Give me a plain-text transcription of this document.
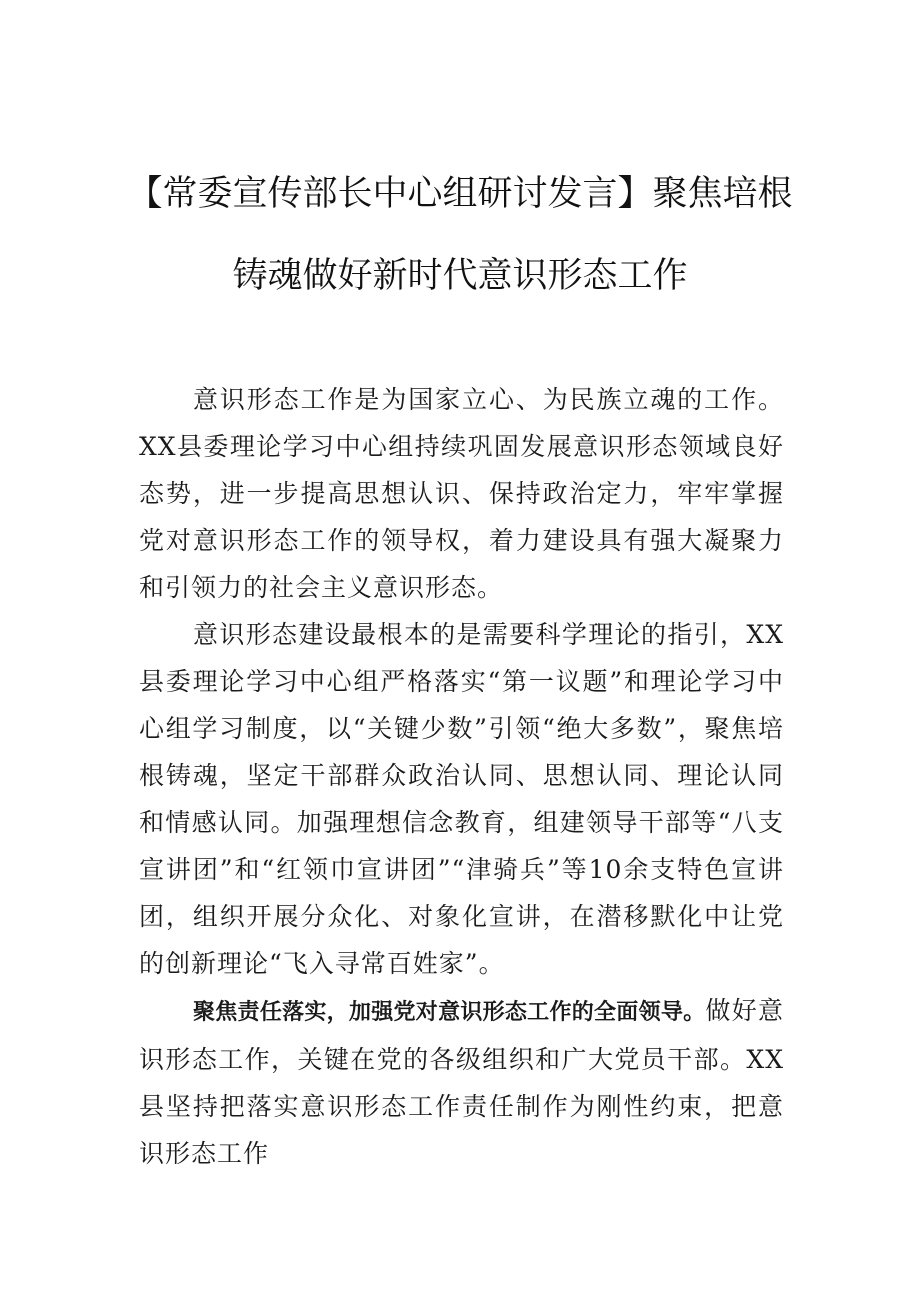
【常委宣传部长中心组研讨发言】聚焦培根
铸魂做好新时代意识形态工作

意识形态工作是为国家立心、为民族立魂的工作。XX县委理论学习中心组持续巩固发展意识形态领域良好态势，进一步提高思想认识、保持政治定力，牢牢掌握党对意识形态工作的领导权，着力建设具有强大凝聚力和引领力的社会主义意识形态。

意识形态建设最根本的是需要科学理论的指引，XX县委理论学习中心组严格落实“第一议题”和理论学习中心组学习制度，以“关键少数”引领“绝大多数”，聚焦培根铸魂，坚定干部群众政治认同、思想认同、理论认同和情感认同。加强理想信念教育，组建领导干部等“八支宣讲团”和“红领巾宣讲团”“津骑兵”等10余支特色宣讲团，组织开展分众化、对象化宣讲，在潜移默化中让党的创新理论“飞入寻常百姓家”。

聚焦责任落实，加强党对意识形态工作的全面领导。做好意识形态工作，关键在党的各级组织和广大党员干部。XX县坚持把落实意识形态工作责任制作为刚性约束，把意识形态工作
